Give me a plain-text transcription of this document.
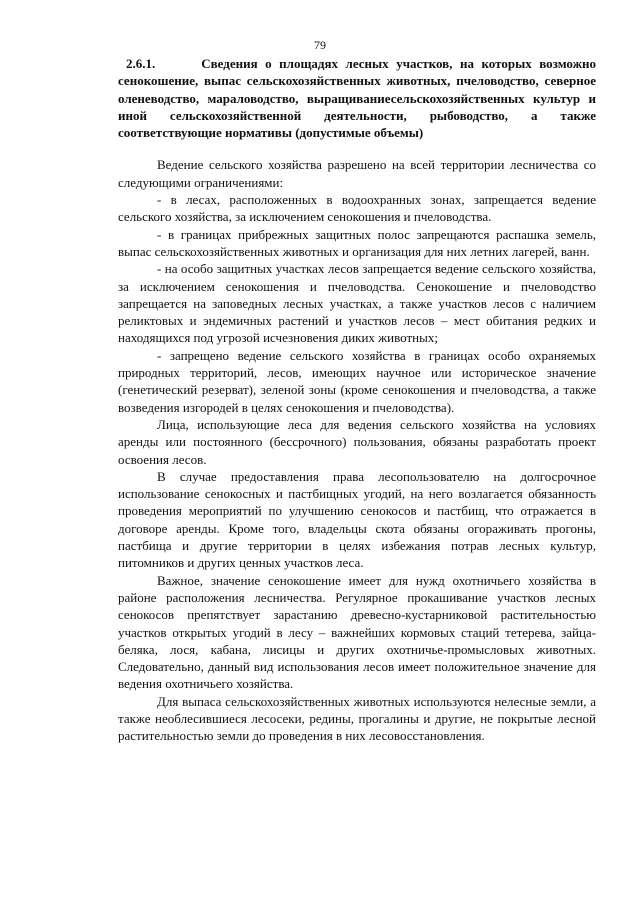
79
2.6.1.	Сведения о площадях лесных участков, на которых возможно сенокошение, выпас сельскохозяйственных животных, пчеловодство, северное оленеводство, мараловодство, выращиваниесельскохозяйственных культур и иной сельскохозяйственной деятельности, рыбоводство, а также соответствующие нормативы (допустимые объемы)

Ведение сельского хозяйства разрешено на всей территории лесничества со следующими ограничениями:

- в лесах, расположенных в водоохранных зонах, запрещается ведение сельского хозяйства, за исключением сенокошения и пчеловодства.

- в границах прибрежных защитных полос запрещаются распашка земель, выпас сельскохозяйственных животных и организация для них летних лагерей, ванн.

- на особо защитных участках лесов запрещается ведение сельского хозяйства, за исключением сенокошения и пчеловодства. Сенокошение и пчеловодство запрещается на заповедных лесных участках, а также участков лесов с наличием реликтовых и эндемичных растений и участков лесов – мест обитания редких и находящихся под угрозой исчезновения диких животных;

- запрещено ведение сельского хозяйства в границах особо охраняемых природных территорий, лесов, имеющих научное или историческое значение (генетический резерват), зеленой зоны (кроме сенокошения и пчеловодства, а также возведения изгородей в целях сенокошения и пчеловодства).

Лица, использующие леса для ведения сельского хозяйства на условиях аренды или постоянного (бессрочного) пользования, обязаны разработать проект освоения лесов.

В случае предоставления права лесопользователю на долгосрочное использование сенокосных и пастбищных угодий, на него возлагается обязанность проведения мероприятий по улучшению сенокосов и пастбищ, что отражается в договоре аренды. Кроме того, владельцы скота обязаны огораживать прогоны, пастбища и другие территории в целях избежания потрав лесных культур, питомников и других ценных участков леса.

Важное, значение сенокошение имеет для нужд охотничьего хозяйства в районе расположения лесничества. Регулярное прокашивание участков лесных сенокосов препятствует зарастанию древесно-кустарниковой растительностью участков открытых угодий в лесу – важнейших кормовых стаций тетерева, зайца-беляка, лося, кабана, лисицы и других охотничье-промысловых животных. Следовательно, данный вид использования лесов имеет положительное значение для ведения охотничьего хозяйства.

Для выпаса сельскохозяйственных животных используются нелесные земли, а также необлесившиеся лесосеки, редины, прогалины и другие, не покрытые лесной растительностью земли до проведения в них лесовосстановления.
